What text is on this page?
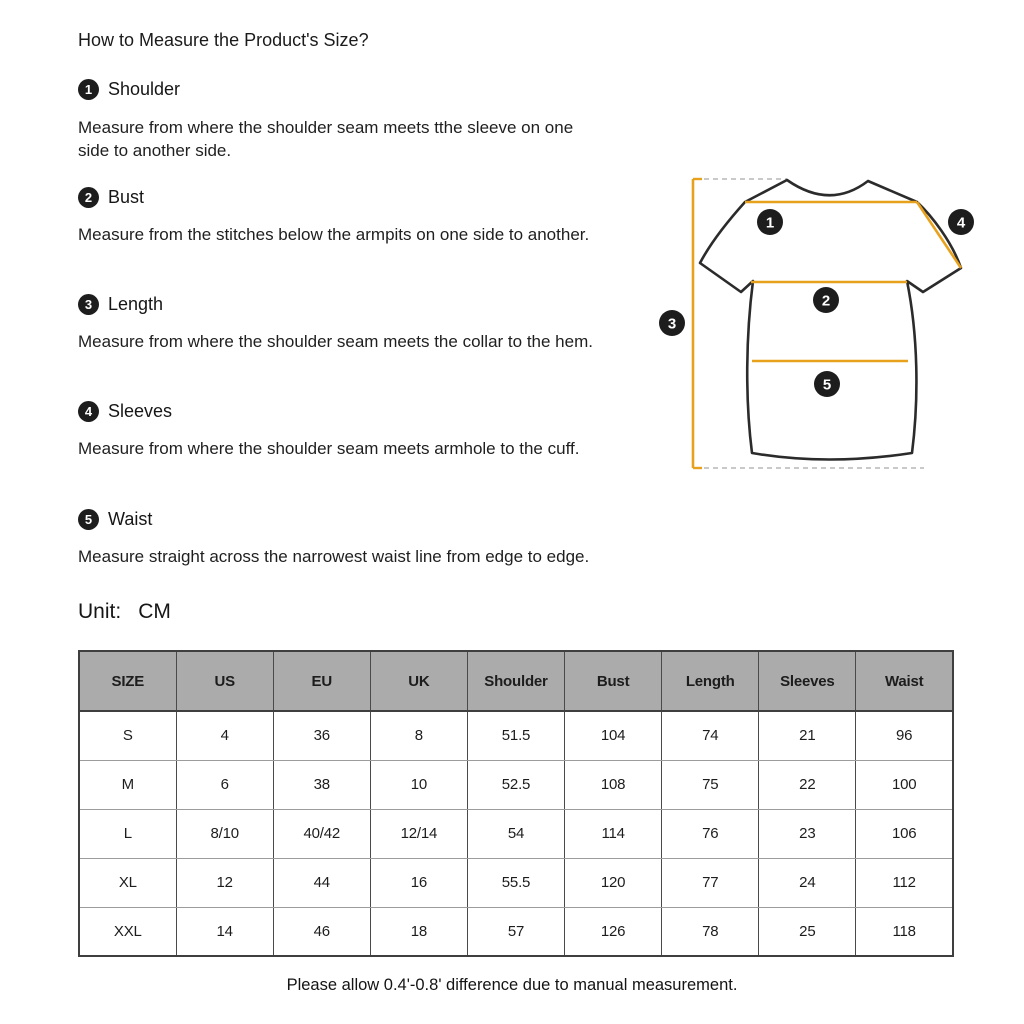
How to Measure the Product's Size?
1 Shoulder
Measure from where the shoulder seam meets tthe sleeve on one side to another side.
2 Bust
Measure from the stitches below the armpits on one side to another.
3 Length
Measure from where the shoulder seam meets the collar to the hem.
4 Sleeves
Measure from where the shoulder seam meets armhole to the cuff.
5 Waist
Measure straight across the narrowest waist line from edge to edge.
1
2
3
4
5
Unit: CM
SIZE	US	EU	UK	Shoulder	Bust	Length	Sleeves	Waist
S	4	36	8	51.5	104	74	21	96
M	6	38	10	52.5	108	75	22	100
L	8/10	40/42	12/14	54	114	76	23	106
XL	12	44	16	55.5	120	77	24	112
XXL	14	46	18	57	126	78	25	118
Please allow 0.4'-0.8' difference due to manual measurement.
